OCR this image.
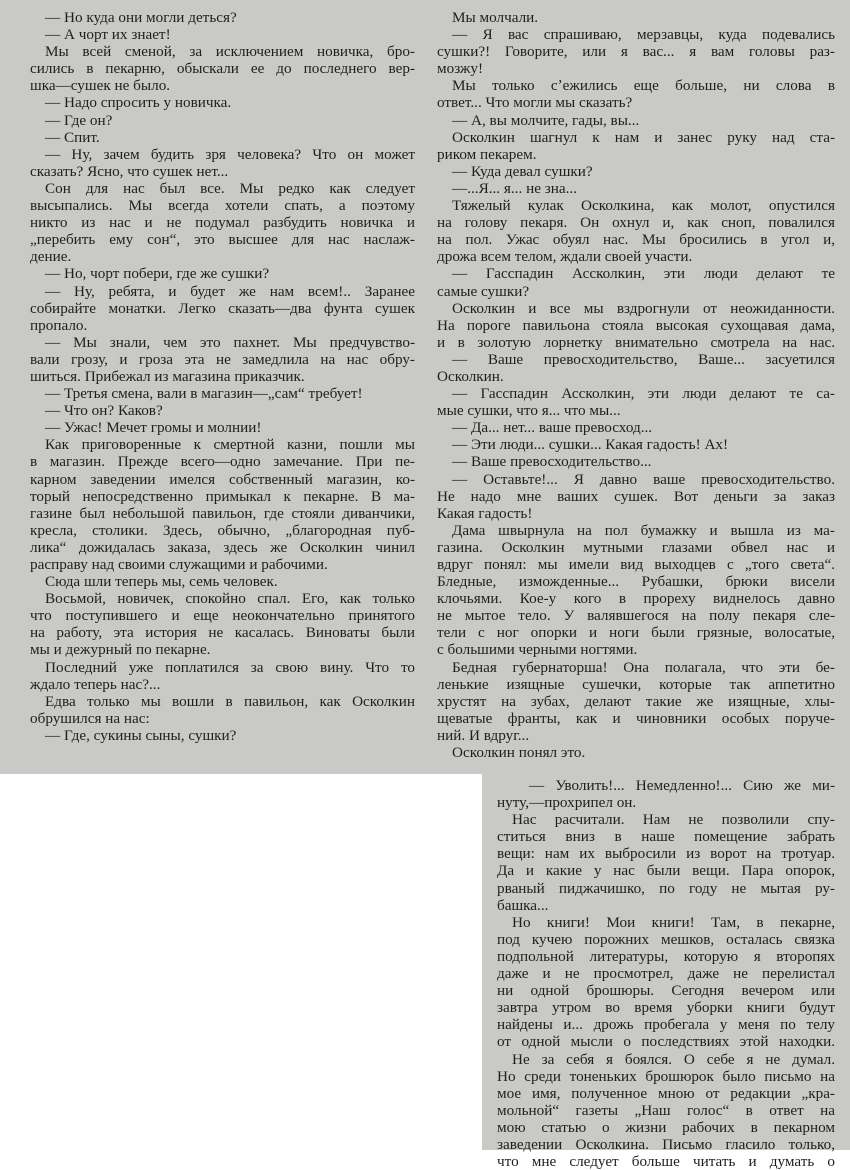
— Но куда они могли деться?
— А чорт их знает!
Мы всей сменой, за исключением новичка, бро-
сились в пекарню, обыскали ее до последнего вер-
шка—сушек не было.
— Надо спросить у новичка.
— Где он?
— Спит.
— Ну, зачем будить зря человека? Что он может
сказать? Ясно, что сушек нет...
Сон для нас был все. Мы редко как следует
высыпались. Мы всегда хотели спать, а поэтому
никто из нас и не подумал разбудить новичка и
„перебить ему сон“, это высшее для нас наслаж-
дение.
— Но, чорт побери, где же сушки?
— Ну, ребята, и будет же нам всем!.. Заранее
собирайте монатки. Легко сказать—два фунта сушек
пропало.
— Мы знали, чем это пахнет. Мы предчувство-
вали грозу, и гроза эта не замедлила на нас обру-
шиться. Прибежал из магазина приказчик.
— Третья смена, вали в магазин—„сам“ требует!
— Что он? Каков?
— Ужас! Мечет громы и молнии!
Как приговоренные к смертной казни, пошли мы
в магазин. Прежде всего—одно замечание. При пе-
карном заведении имелся собственный магазин, ко-
торый непосредственно примыкал к пекарне. В ма-
газине был небольшой павильон, где стояли диванчики,
кресла, столики. Здесь, обычно, „благородная пуб-
лика“ дожидалась заказа, здесь же Осколкин чинил
расправу над своими служащими и рабочими.
Сюда шли теперь мы, семь человек.
Восьмой, новичек, спокойно спал. Его, как только
что поступившего и еще неокончательно принятого
на работу, эта история не касалась. Виноваты были
мы и дежурный по пекарне.
Последний уже поплатился за свою вину. Что то
ждало теперь нас?...
Едва только мы вошли в павильон, как Осколкин
обрушился на нас:
— Где, сукины сыны, сушки?
Мы молчали.
— Я вас спрашиваю, мерзавцы, куда подевались
сушки?! Говорите, или я вас... я вам головы раз-
мозжу!
Мы только сʼежились еще больше, ни слова в
ответ... Что могли мы сказать?
— А, вы молчите, гады, вы...
Осколкин шагнул к нам и занес руку над ста-
риком пекарем.
— Куда девал сушки?
—...Я... я... не зна...
Тяжелый кулак Осколкина, как молот, опустился
на голову пекаря. Он охнул и, как сноп, повалился
на пол. Ужас обуял нас. Мы бросились в угол и,
дрожа всем телом, ждали своей участи.
— Гасспадин Ассколкин, эти люди делают те
самые сушки?
Осколкин и все мы вздрогнули от неожиданности.
На пороге павильона стояла высокая сухощавая дама,
и в золотую лорнетку внимательно смотрела на нас.
— Ваше превосходительство, Ваше... засуетился
Осколкин.
— Гасспадин Ассколкин, эти люди делают те са-
мые сушки, что я... что мы...
— Да... нет... ваше превосход...
— Эти люди... сушки... Какая гадость! Ах!
— Ваше превосходительство...
— Оставьте!... Я давно ваше превосходительство.
Не надо мне ваших сушек. Вот деньги за заказ
Какая гадость!
Дама швырнула на пол бумажку и вышла из ма-
газина. Осколкин мутными глазами обвел нас и
вдруг понял: мы имели вид выходцев с „того света“.
Бледные, изможденные... Рубашки, брюки висели
клочьями. Кое-у кого в прореху виднелось давно
не мытое тело. У валявшегося на полу пекаря сле-
тели с ног опорки и ноги были грязные, волосатые,
с большими черными ногтями.
Бедная губернаторша! Она полагала, что эти бе-
ленькие изящные сушечки, которые так аппетитно
хрустят на зубах, делают такие же изящные, хлы-
щеватые франты, как и чиновники особых поруче-
ний. И вдруг...
Осколкин понял это.
— Уволить!... Немедленно!... Сию же ми-
нуту,—прохрипел он.
Нас расчитали. Нам не позволили спу-
ститься вниз в наше помещение забрать
вещи: нам их выбросили из ворот на тротуар.
Да и какие у нас были вещи. Пара опорок,
рваный пиджачишко, по году не мытая ру-
башка...
Но книги! Мои книги! Там, в пекарне,
под кучею порожних мешков, осталась связка
подпольной литературы, которую я второпях
даже и не просмотрел, даже не перелистал
ни одной брошюры. Сегодня вечером или
завтра утром во время уборки книги будут
найдены и... дрожь пробегала у меня по телу
от одной мысли о последствиях этой находки.
Не за себя я боялся. О себе я не думал.
Но среди тоненьких брошюрок было письмо на
мое имя, полученное мною от редакции „кра-
мольной“ газеты „Наш голос“ в ответ на
мою статью о жизни рабочих в пекарном
заведении Осколкина. Письмо гласило только,
что мне следует больше читать и думать о
